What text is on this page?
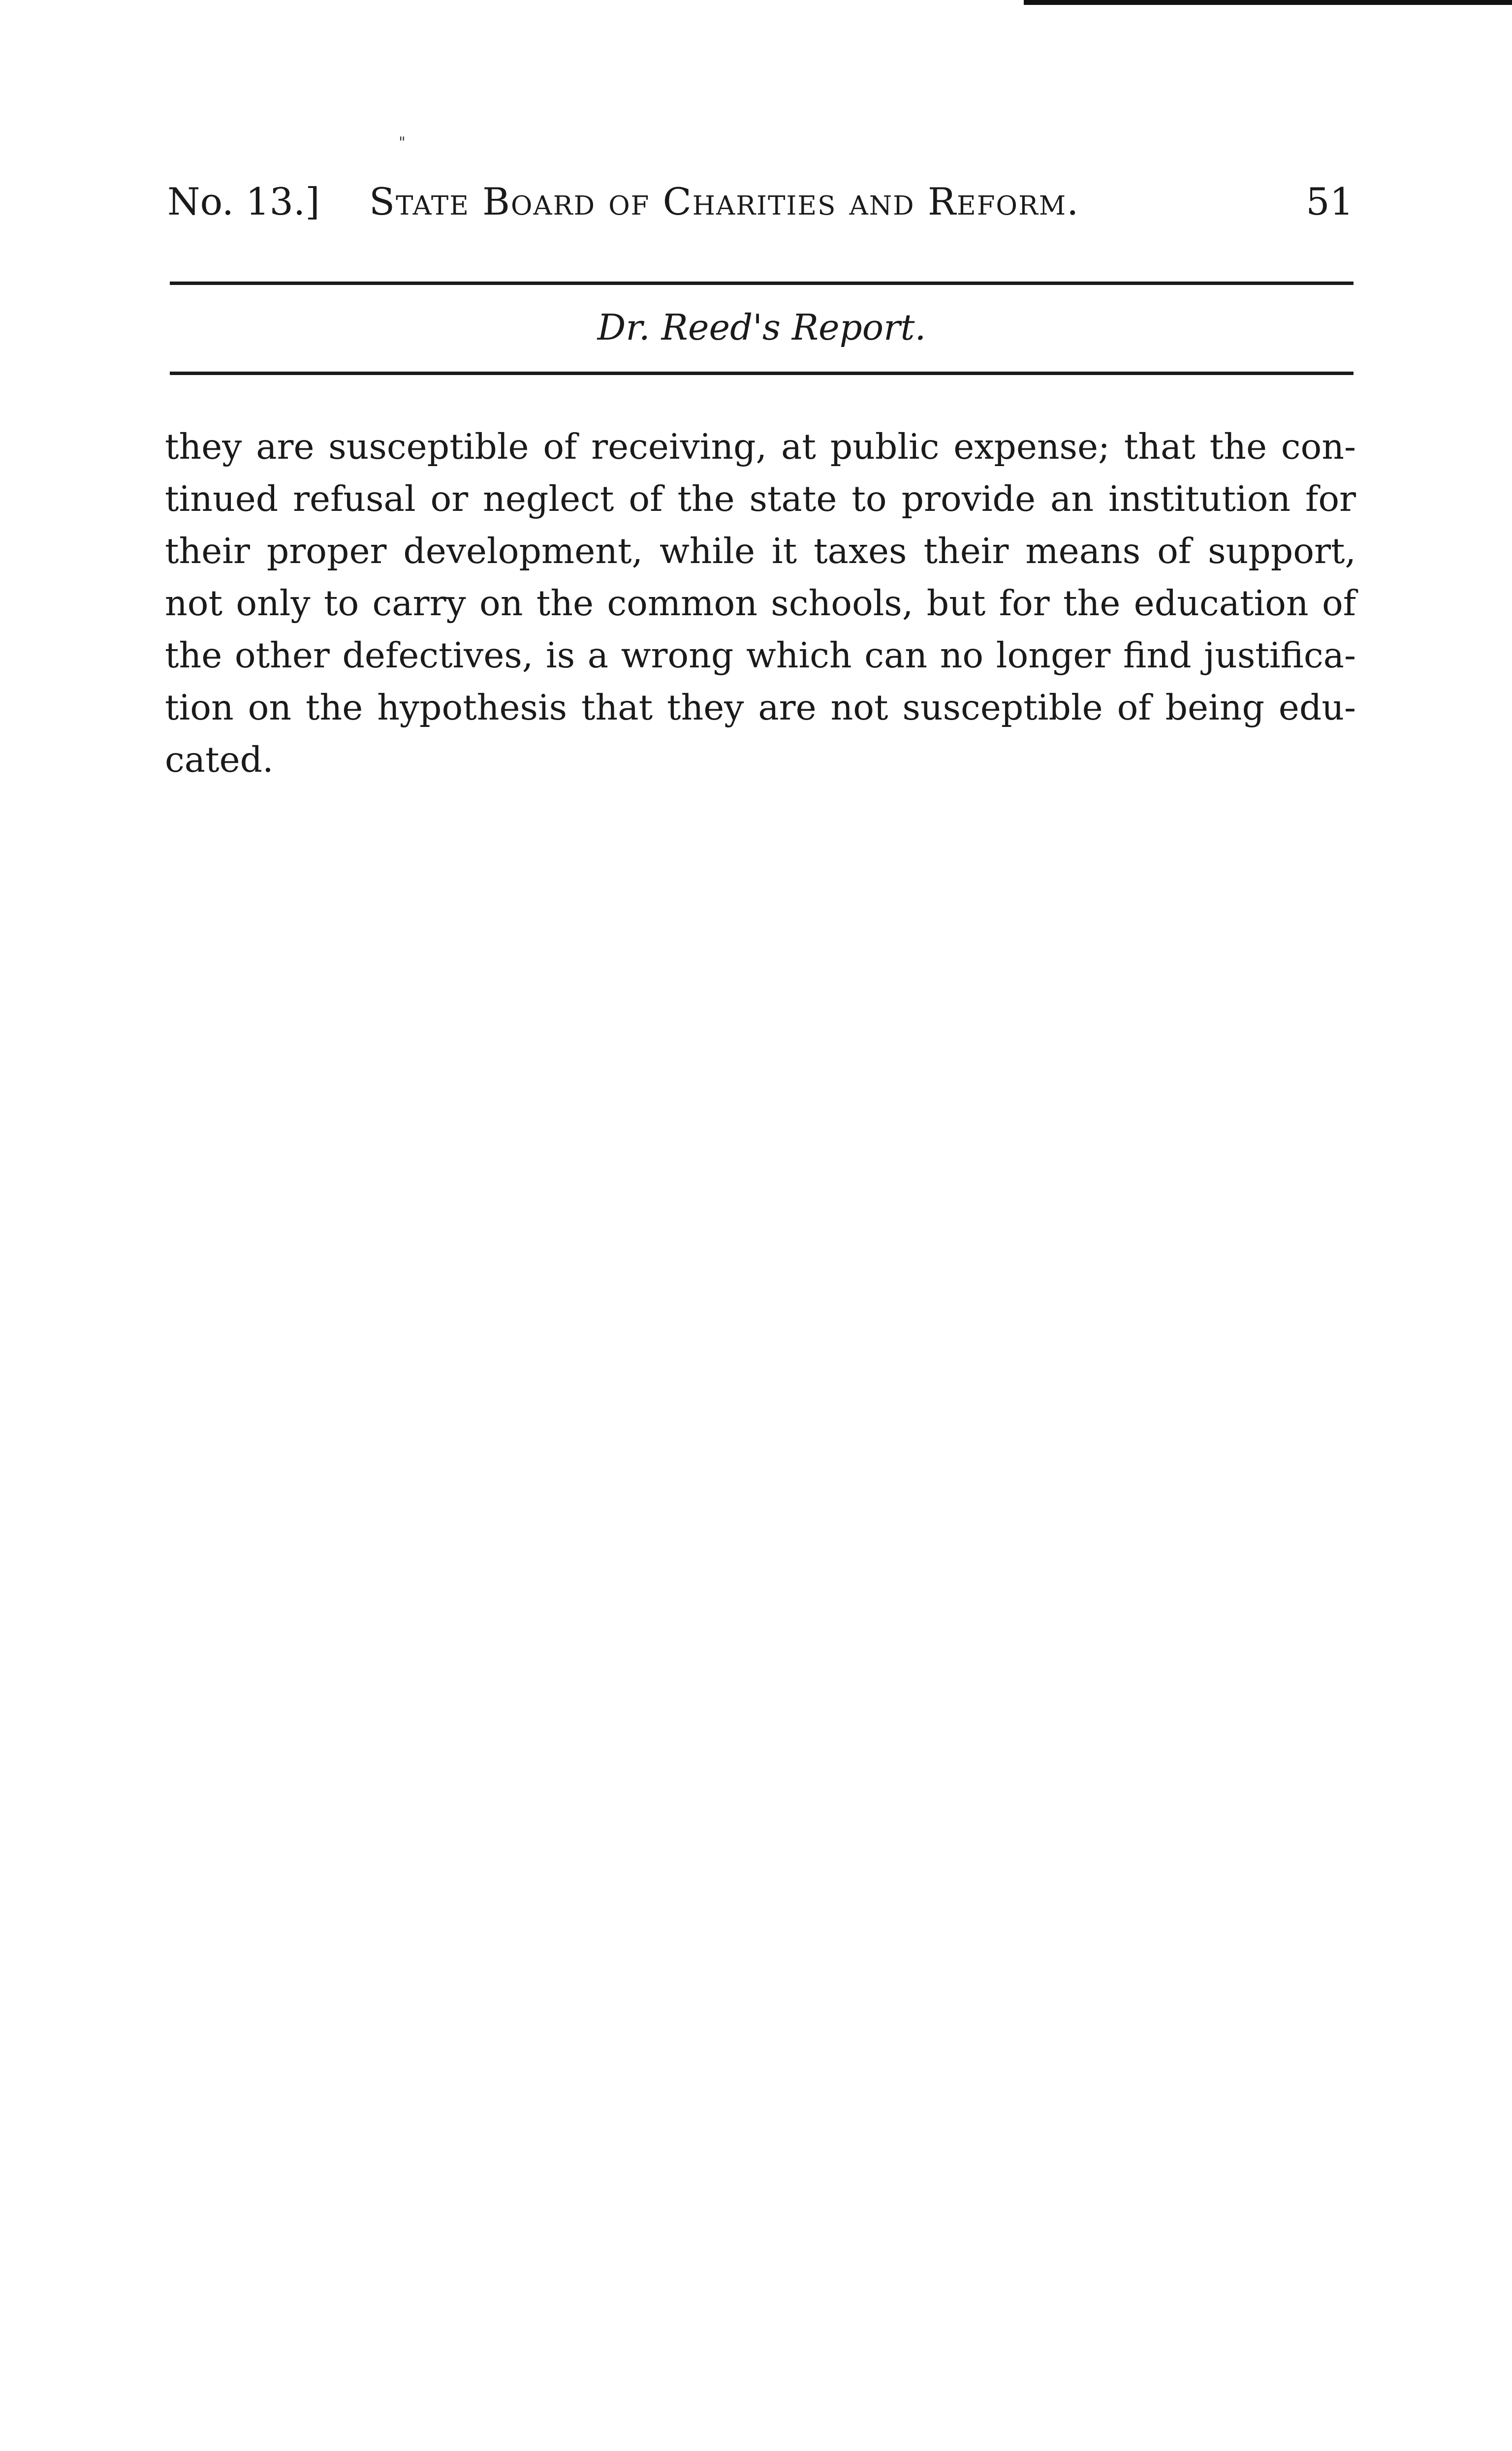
"
No. 13.] State Board of Charities and Reform.	51
Dr. Reed's Report.
they are susceptible of receiving, at public expense; that the con-
tinued refusal or neglect of the state to provide an institution for
their proper development, while it taxes their means of support,
not only to carry on the common schools, but for the education of
the other defectives, is a wrong which can no longer find justifica-
tion on the hypothesis that they are not susceptible of being edu-
cated.
